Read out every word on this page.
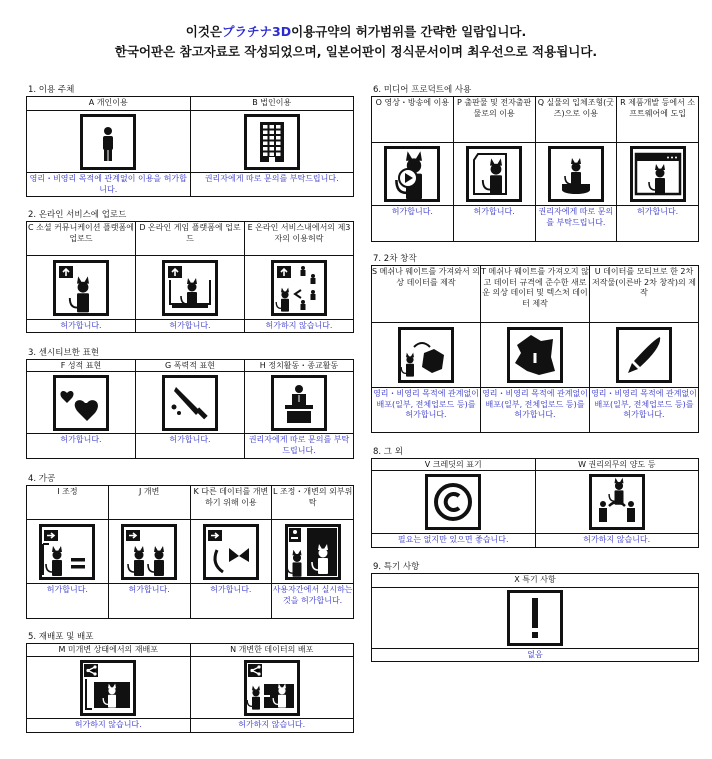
이것은プラチナ3D이용규약의 허가범위를 간략한 일람입니다.
한국어판은 참고자료로 작성되었으며, 일본어판이 정식문서이며 최우선으로 적용됩니다.
1. 이용 주체
A 개인이용
영리・비영리 목적에 관계없이 이용을 허가합니다.
B 법인이용
권리자에게 따로 문의를 부탁드립니다.
2. 온라인 서비스에 업로드
C 소셜 커뮤니케이션 플랫폼에 업로드
허가합니다.
D 온라인 게임 플랫폼에 업로드
허가합니다.
E 온라인 서비스내에서의 제3자의 이용허락
허가하지 않습니다.
3. 센시티브한 표현
F 성적 표현
허가합니다.
G 폭력적 표현
허가합니다.
H 정치활동・종교활동
권리자에게 따로 문의를 부탁드립니다.
4. 가공
I 조정
허가합니다.
J 개변
허가합니다.
K 다른 데이터를 개변하기 위해 이용
허가합니다.
L 조정・개변의 외부위탁
사용자간에서 실시하는 것을 허가합니다.
5. 재배포 및 배포
M 미개변 상태에서의 재배포
허가하지 않습니다.
N 개변한 데이터의 배포
허가하지 않습니다.
6. 미디어 프로덕트에 사용
O 영상・방송에 이용
허가합니다.
P 출판물 및 전자출판물로의 이용
허가합니다.
Q 실물의 입체조형(굿즈)으로 이용
권리자에게 따로 문의를 부탁드립니다.
R 제품개발 등에서 소프트웨어에 도입
허가합니다.
7. 2차 창작
S 메쉬나 웨이트를 가져와서 의상 데이터를 제작
영리・비영리 목적에 관계없이 배포(일부, 전체업로드 등)를 허가합니다.
T 메쉬나 웨이트를 가져오지 않고 데이터 규격에 준수한 새로운 의상 데이터 및 텍스처 데이터 제작
영리・비영리 목적에 관계없이 배포(일부, 전체업로드 등)를 허가합니다.
U 데이터를 모티브로 한 2차 저작물(이른바 2차 창작)의 제작
영리・비영리 목적에 관계없이 배포(일부, 전체업로드 등)를 허가합니다.
8. 그 외
V 크레딧의 표기
필요는 없지만 있으면 좋습니다.
W 권리의무의 양도 등
허가하지 않습니다.
9. 특기 사항
X 특기 사항
없음
